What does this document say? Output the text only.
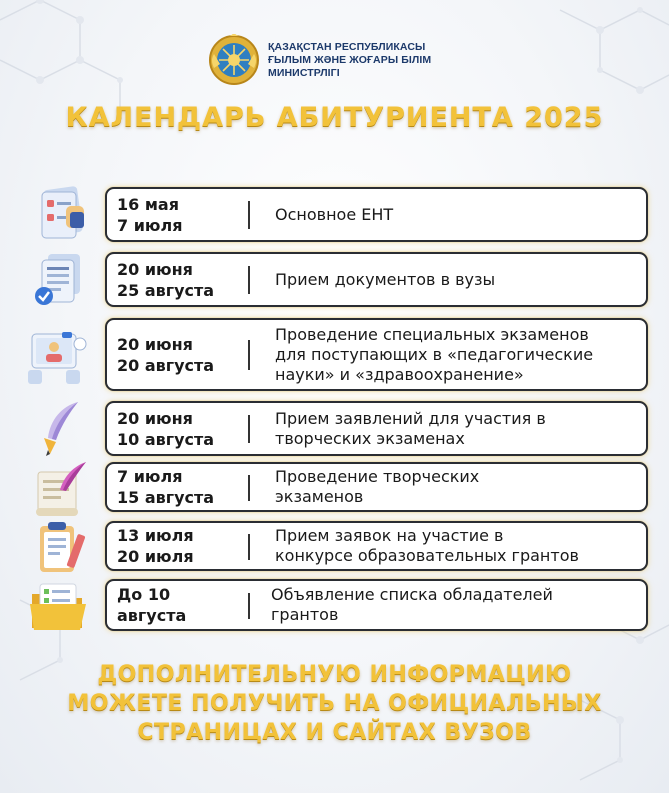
ҚАЗАҚСТАН РЕСПУБЛИКАСЫ
ҒЫЛЫМ ЖӘНЕ ЖОҒАРЫ БІЛІМ
МИНИСТРЛІГІ
КАЛЕНДАРЬ АБИТУРИЕНТА 2025
16 мая
7 июля
Основное ЕНТ
20 июня
25 августа
Прием документов в вузы
20 июня
20 августа
Проведение специальных экзаменов
для поступающих в «педагогические
науки» и «здравоохранение»
20 июня
10 августа
Прием заявлений для участия в
творческих экзаменах
7 июля
15 августа
Проведение творческих
экзаменов
13 июля
20 июля
Прием заявок на участие в
конкурсе образовательных грантов
До 10
августа
Объявление списка обладателей
грантов
ДОПОЛНИТЕЛЬНУЮ ИНФОРМАЦИЮ
МОЖЕТЕ ПОЛУЧИТЬ НА ОФИЦИАЛЬНЫХ
СТРАНИЦАХ И САЙТАХ ВУЗОВ
